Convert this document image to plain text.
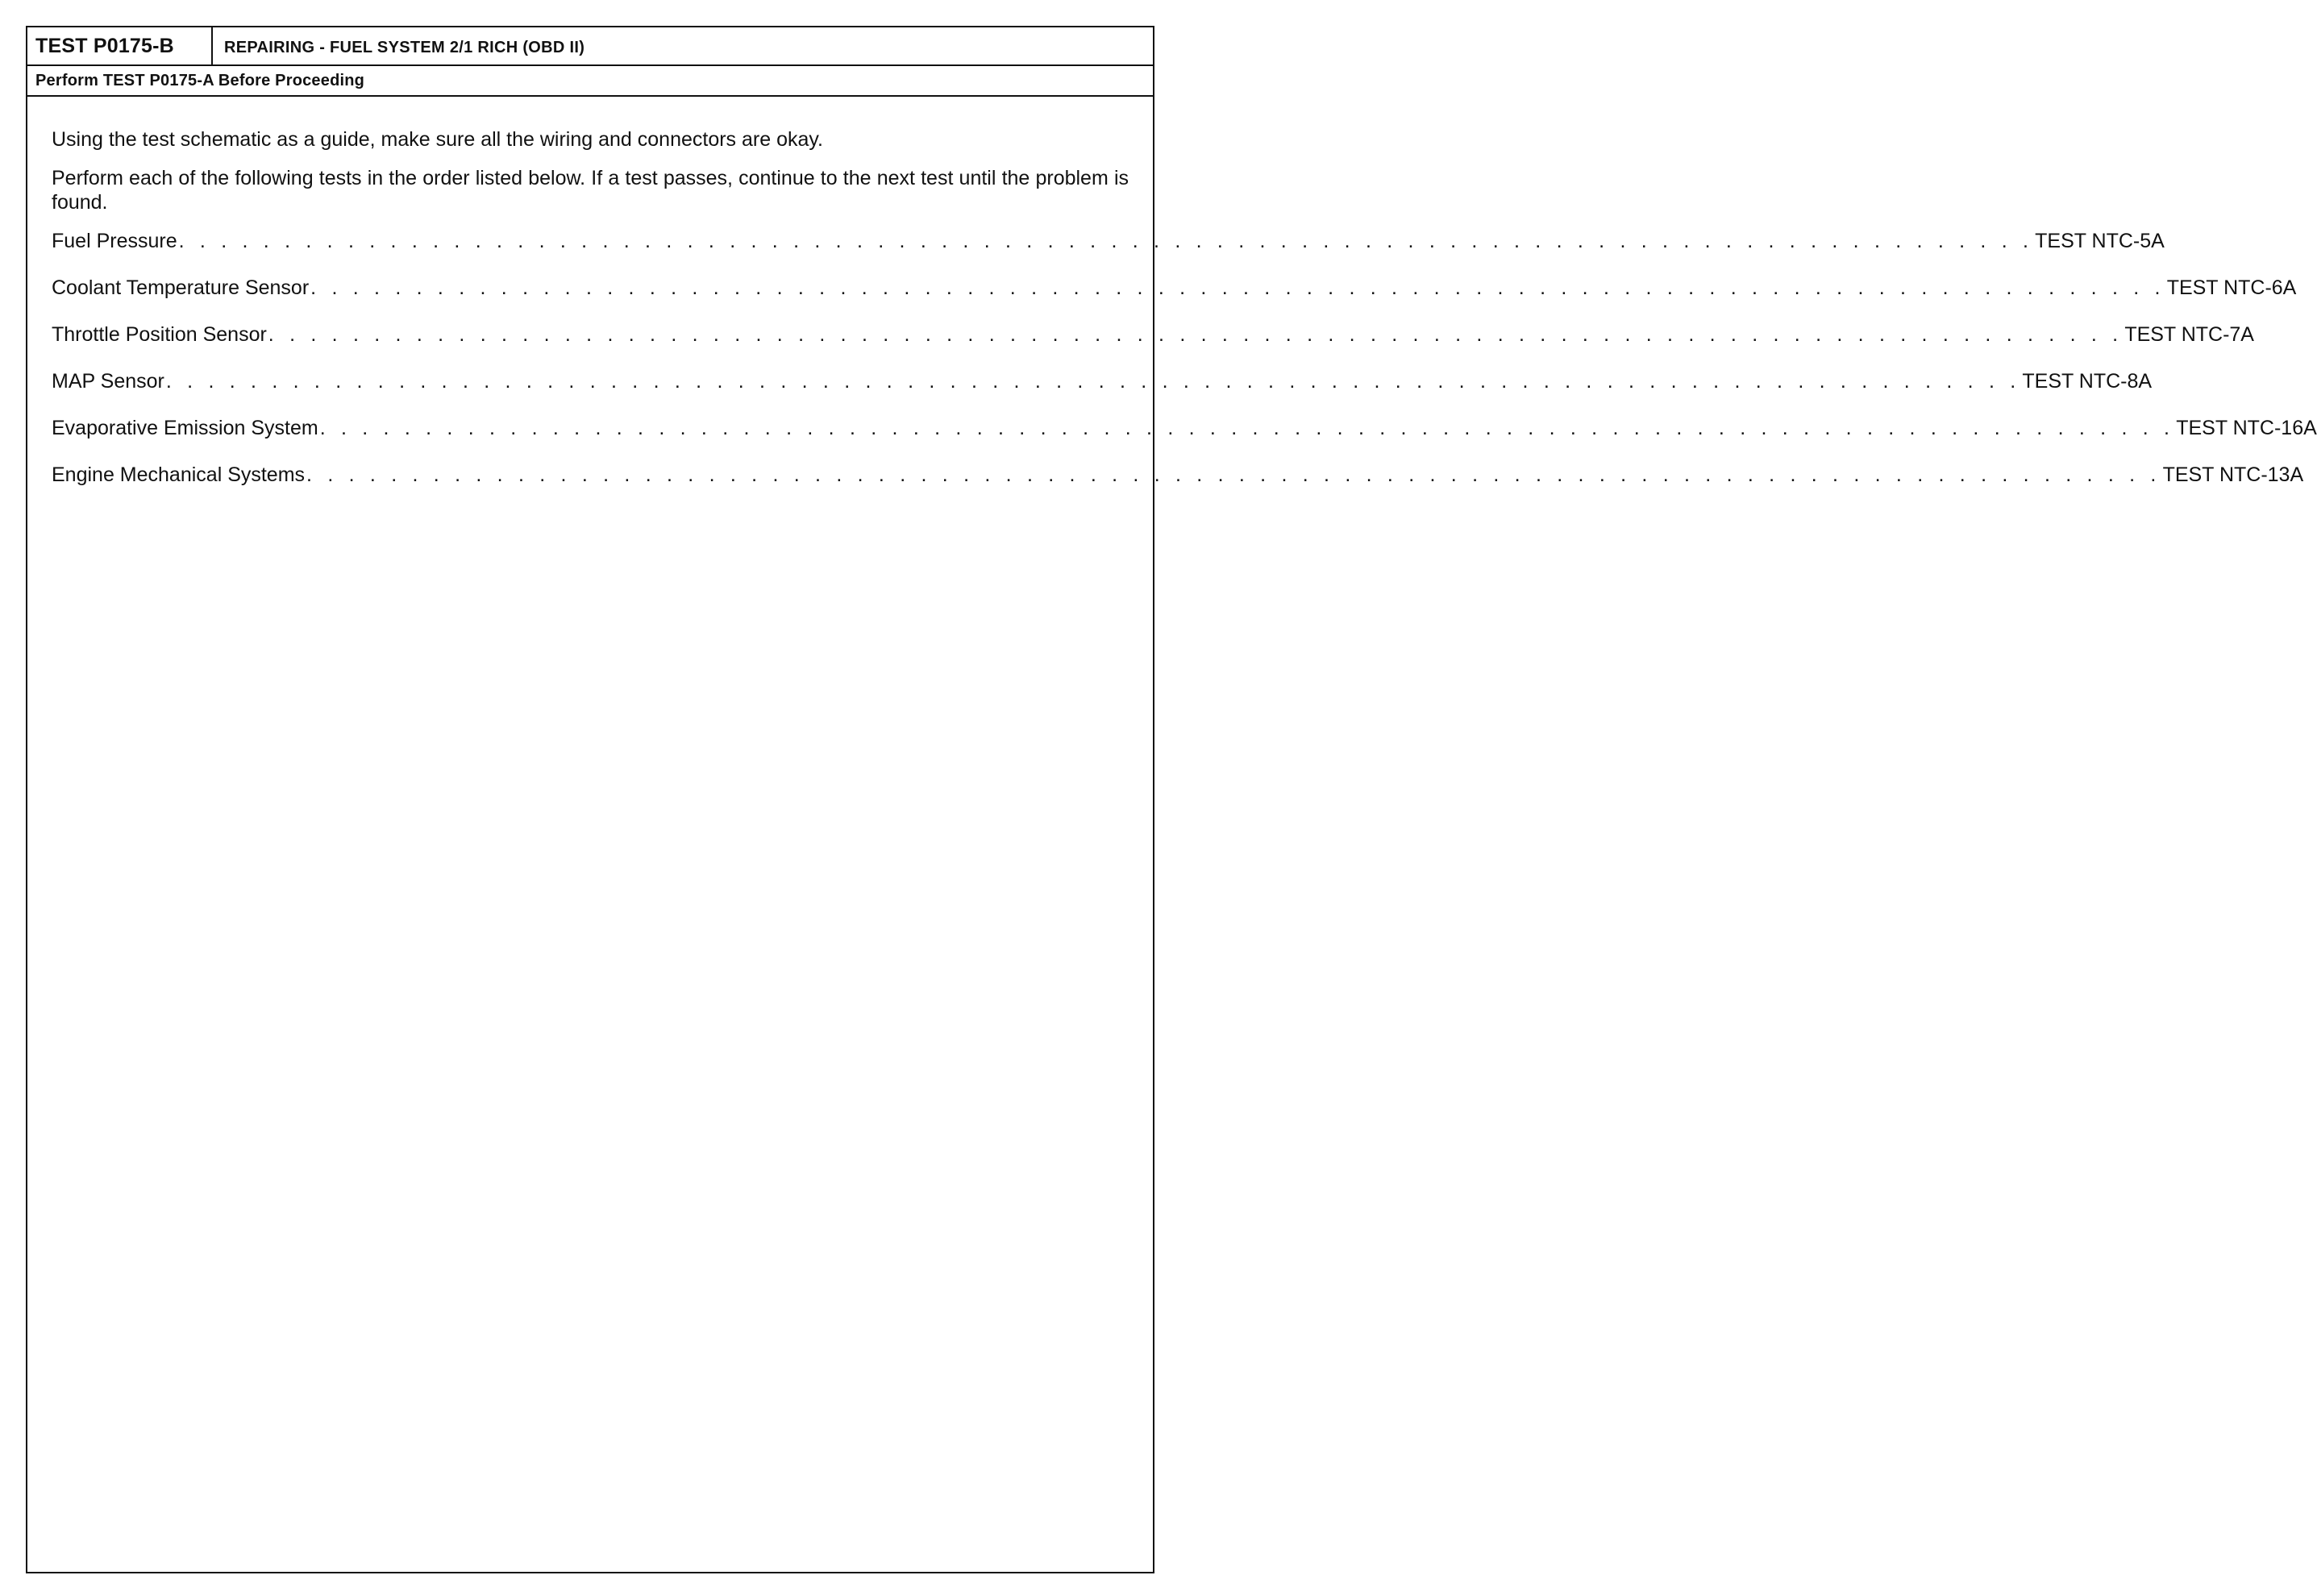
TEST P0175-B	REPAIRING - FUEL SYSTEM 2/1 RICH (OBD II)
Perform TEST P0175-A Before Proceeding

Using the test schematic as a guide, make sure all the wiring and connectors are okay.

Perform each of the following tests in the order listed below. If a test passes, continue to the next test until the problem is found.

Fuel Pressure . . . . . . . . . . . . . . . . . . . . . . . . . . . . . . . . . . . . . . . . . . . . . . . . . . . . . . . . . . . . . . . . . . . . . . . . . . . . . . . . . . . . . . . . TEST NTC-5A
Coolant Temperature Sensor . . . . . . . . . . . . . . . . . . . . . . . . . . . . . . . . . . . . . . . . . . . . . . . . . . . . . . . . . . . . . . . . . . . . . . . . . . . . . . . . . . . . . . . . TEST NTC-6A
Throttle Position Sensor . . . . . . . . . . . . . . . . . . . . . . . . . . . . . . . . . . . . . . . . . . . . . . . . . . . . . . . . . . . . . . . . . . . . . . . . . . . . . . . . . . . . . . . . TEST NTC-7A
MAP Sensor . . . . . . . . . . . . . . . . . . . . . . . . . . . . . . . . . . . . . . . . . . . . . . . . . . . . . . . . . . . . . . . . . . . . . . . . . . . . . . . . . . . . . . . . TEST NTC-8A
Evaporative Emission System . . . . . . . . . . . . . . . . . . . . . . . . . . . . . . . . . . . . . . . . . . . . . . . . . . . . . . . . . . . . . . . . . . . . . . . . . . . . . . . . . . . . . . . . TEST NTC-16A
Engine Mechanical Systems . . . . . . . . . . . . . . . . . . . . . . . . . . . . . . . . . . . . . . . . . . . . . . . . . . . . . . . . . . . . . . . . . . . . . . . . . . . . . . . . . . . . . . . . TEST NTC-13A
